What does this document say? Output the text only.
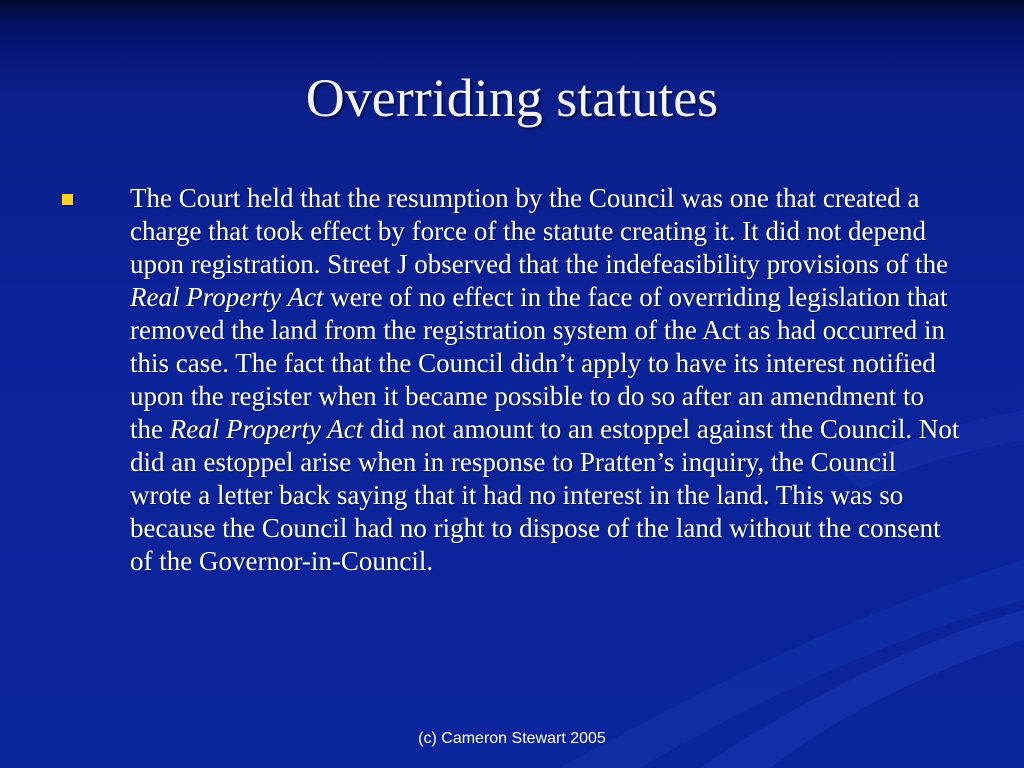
Overriding statutes
The Court held that the resumption by the Council was one that created a charge that took effect by force of the statute creating it. It did not depend upon registration. Street J observed that the indefeasibility provisions of the Real Property Act were of no effect in the face of overriding legislation that removed the land from the registration system of the Act as had occurred in this case. The fact that the Council didn’t apply to have its interest notified upon the register when it became possible to do so after an amendment to the Real Property Act did not amount to an estoppel against the Council. Not did an estoppel arise when in response to Pratten’s inquiry, the Council wrote a letter back saying that it had no interest in the land. This was so because the Council had no right to dispose of the land without the consent of the Governor-in-Council.
(c) Cameron Stewart 2005
